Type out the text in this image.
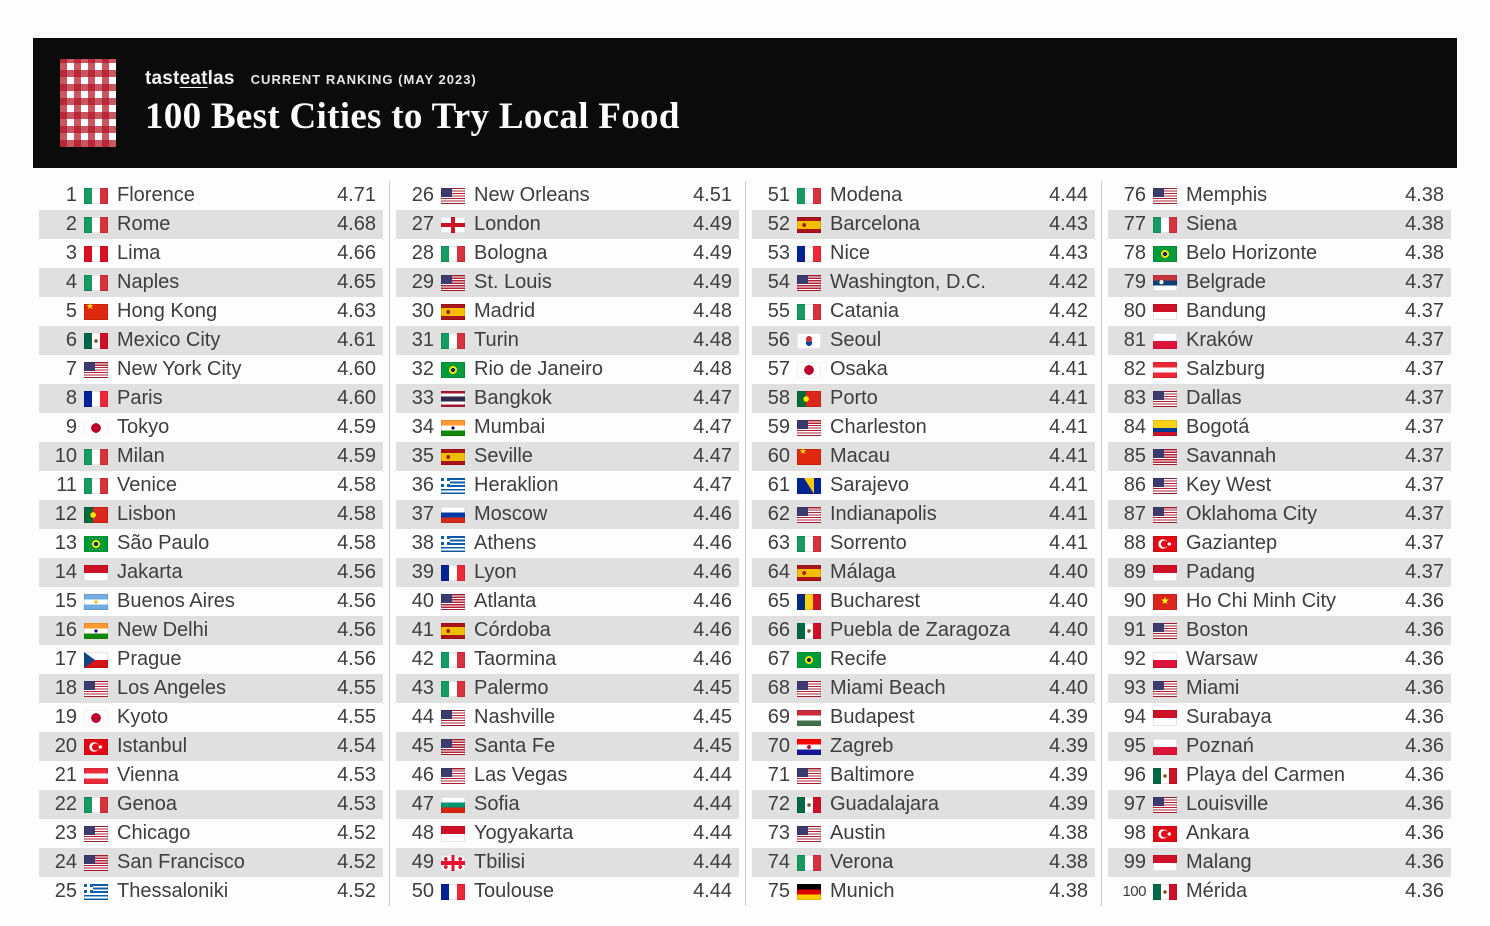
tasteatlas CURRENT RANKING (MAY 2023)
100 Best Cities to Try Local Food
1 Florence	4.71
2 Rome	4.68
3 Lima	4.66
4 Naples	4.65
5 ★ Hong Kong	4.63
6 Mexico City	4.61
7 New York City	4.60
8 Paris	4.60
9 Tokyo	4.59
10 Milan	4.59
11 Venice	4.58
12 Lisbon	4.58
13 São Paulo	4.58
14 Jakarta	4.56
15 Buenos Aires	4.56
16 New Delhi	4.56
17 Prague	4.56
18 Los Angeles	4.55
19 Kyoto	4.55
20 Istanbul	4.54
21 Vienna	4.53
22 Genoa	4.53
23 Chicago	4.52
24 San Francisco	4.52
25 Thessaloniki	4.52
26 New Orleans	4.51
27 London	4.49
28 Bologna	4.49
29 St. Louis	4.49
30 Madrid	4.48
31 Turin	4.48
32 Rio de Janeiro	4.48
33 Bangkok	4.47
34 Mumbai	4.47
35 Seville	4.47
36 Heraklion	4.47
37 Moscow	4.46
38 Athens	4.46
39 Lyon	4.46
40 Atlanta	4.46
41 Córdoba	4.46
42 Taormina	4.46
43 Palermo	4.45
44 Nashville	4.45
45 Santa Fe	4.45
46 Las Vegas	4.44
47 Sofia	4.44
48 Yogyakarta	4.44
49 Tbilisi	4.44
50 Toulouse	4.44
51 Modena	4.44
52 Barcelona	4.43
53 Nice	4.43
54 Washington, D.C.	4.42
55 Catania	4.42
56 Seoul	4.41
57 Osaka	4.41
58 Porto	4.41
59 Charleston	4.41
60 ★ Macau	4.41
61 Sarajevo	4.41
62 Indianapolis	4.41
63 Sorrento	4.41
64 Málaga	4.40
65 Bucharest	4.40
66 Puebla de Zaragoza	4.40
67 Recife	4.40
68 Miami Beach	4.40
69 Budapest	4.39
70 Zagreb	4.39
71 Baltimore	4.39
72 Guadalajara	4.39
73 Austin	4.38
74 Verona	4.38
75 Munich	4.38
76 Memphis	4.38
77 Siena	4.38
78 Belo Horizonte	4.38
79 Belgrade	4.37
80 Bandung	4.37
81 Kraków	4.37
82 Salzburg	4.37
83 Dallas	4.37
84 Bogotá	4.37
85 Savannah	4.37
86 Key West	4.37
87 Oklahoma City	4.37
88 Gaziantep	4.37
89 Padang	4.37
90 ★ Ho Chi Minh City	4.36
91 Boston	4.36
92 Warsaw	4.36
93 Miami	4.36
94 Surabaya	4.36
95 Poznań	4.36
96 Playa del Carmen	4.36
97 Louisville	4.36
98 Ankara	4.36
99 Malang	4.36
100 Mérida	4.36
